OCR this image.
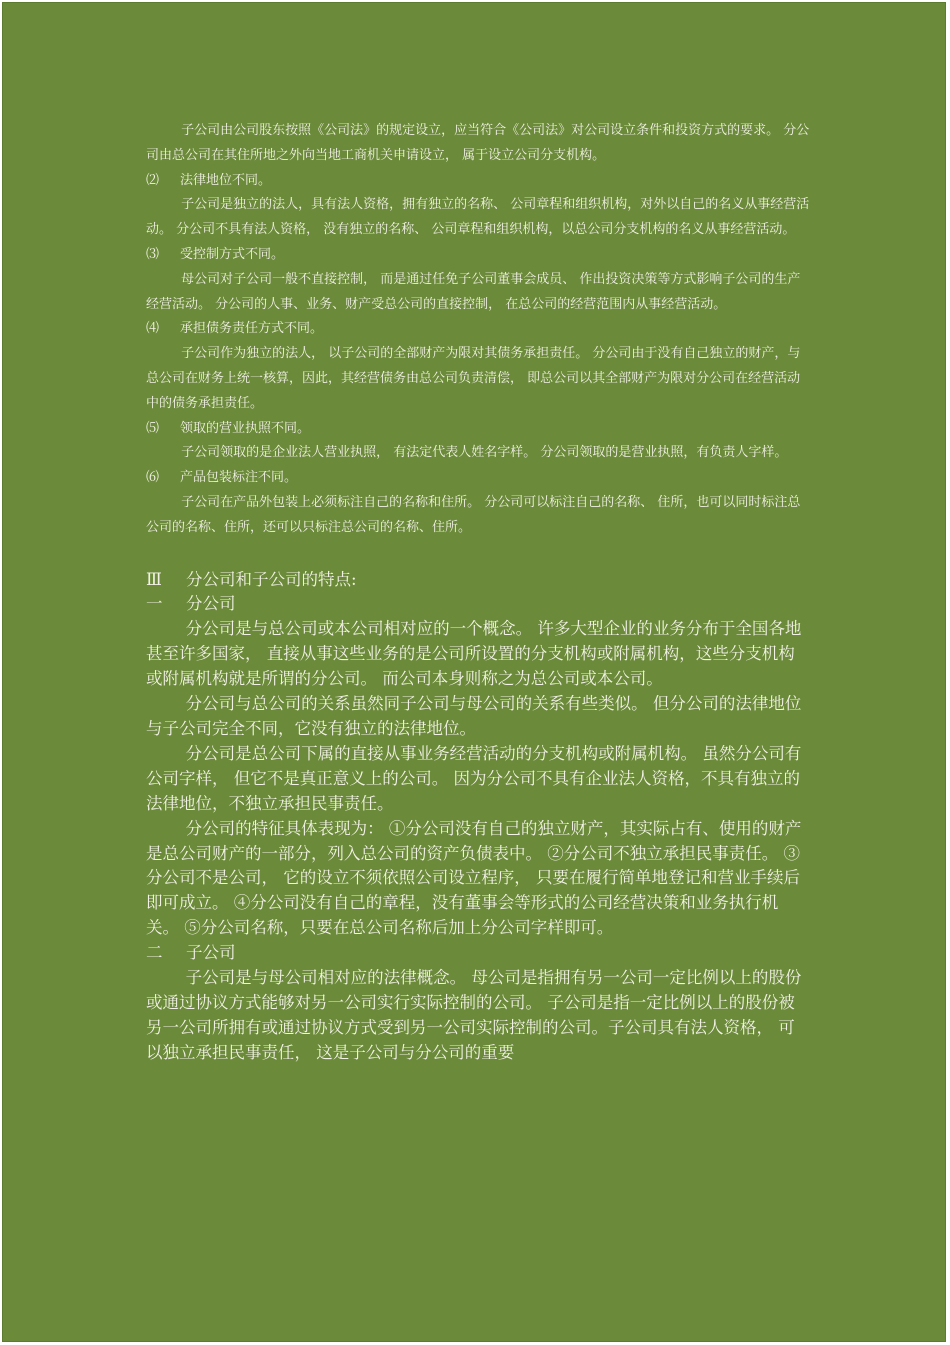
子公司由公司股东按照《公司法》的规定设立，应当符合《公司法》对公司设立条件和投资方式的要求。 分公司由总公司在其住所地之外向当地工商机关申请设立， 属于设立公司分支机构。

⑵ 法律地位不同。

子公司是独立的法人，具有法人资格，拥有独立的名称、 公司章程和组织机构，对外以自己的名义从事经营活动。 分公司不具有法人资格， 没有独立的名称、 公司章程和组织机构，以总公司分支机构的名义从事经营活动。

⑶ 受控制方式不同。

母公司对子公司一般不直接控制， 而是通过任免子公司董事会成员、 作出投资决策等方式影响子公司的生产经营活动。 分公司的人事、业务、财产受总公司的直接控制， 在总公司的经营范围内从事经营活动。

⑷ 承担债务责任方式不同。

子公司作为独立的法人， 以子公司的全部财产为限对其债务承担责任。 分公司由于没有自己独立的财产，与总公司在财务上统一核算，因此，其经营债务由总公司负责清偿， 即总公司以其全部财产为限对分公司在经营活动中的债务承担责任。

⑸ 领取的营业执照不同。

子公司领取的是企业法人营业执照， 有法定代表人姓名字样。 分公司领取的是营业执照，有负责人字样。

⑹ 产品包装标注不同。

子公司在产品外包装上必须标注自己的名称和住所。 分公司可以标注自己的名称、 住所，也可以同时标注总公司的名称、住所，还可以只标注总公司的名称、住所。

Ⅲ 分公司和子公司的特点:

一 分公司

分公司是与总公司或本公司相对应的一个概念。 许多大型企业的业务分布于全国各地甚至许多国家， 直接从事这些业务的是公司所设置的分支机构或附属机构，这些分支机构或附属机构就是所谓的分公司。 而公司本身则称之为总公司或本公司。

分公司与总公司的关系虽然同子公司与母公司的关系有些类似。 但分公司的法律地位与子公司完全不同，它没有独立的法律地位。

分公司是总公司下属的直接从事业务经营活动的分支机构或附属机构。 虽然分公司有公司字样， 但它不是真正意义上的公司。 因为分公司不具有企业法人资格，不具有独立的法律地位，不独立承担民事责任。

分公司的特征具体表现为： ①分公司没有自己的独立财产，其实际占有、使用的财产是总公司财产的一部分，列入总公司的资产负债表中。 ②分公司不独立承担民事责任。 ③分公司不是公司， 它的设立不须依照公司设立程序， 只要在履行简单地登记和营业手续后即可成立。 ④分公司没有自己的章程，没有董事会等形式的公司经营决策和业务执行机关。 ⑤分公司名称，只要在总公司名称后加上分公司字样即可。

二 子公司

子公司是与母公司相对应的法律概念。 母公司是指拥有另一公司一定比例以上的股份或通过协议方式能够对另一公司实行实际控制的公司。 子公司是指一定比例以上的股份被另一公司所拥有或通过协议方式受到另一公司实际控制的公司。子公司具有法人资格， 可以独立承担民事责任， 这是子公司与分公司的重要
